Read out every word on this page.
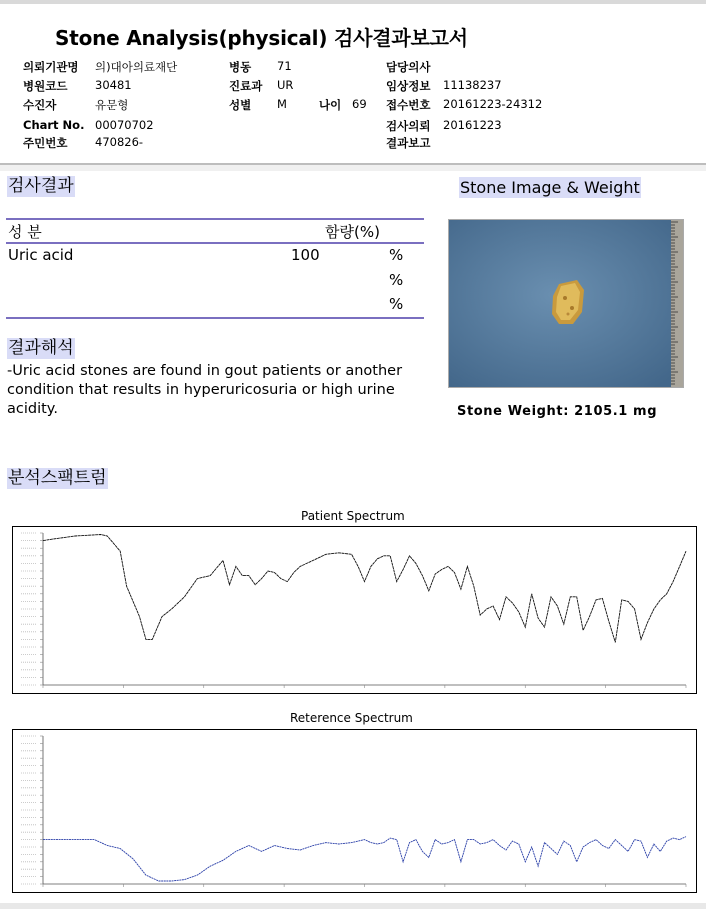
Stone Analysis(physical) 검사결과보고서
의뢰기관명 의)대아의료재단
병원코드 30481
수진자	유문형
Chart No. 00070702
주민번호 470826-
병동 71
진료과 UR
성별 M	나이 69
담당의사
임상정보 11138237
접수번호 20161223-24312
검사의뢰 20161223
결과보고
검사결과
성 분	함량(%)
Uric acid	100	%
%
%
결과해석
-Uric acid stones are found in gout patients or another condition that results in hyperuricosuria or high urine acidity.
Stone Image & Weight
Stone Weight: 2105.1 mg
분석스팩트럼
Patient Spectrum
Reterence Spectrum
